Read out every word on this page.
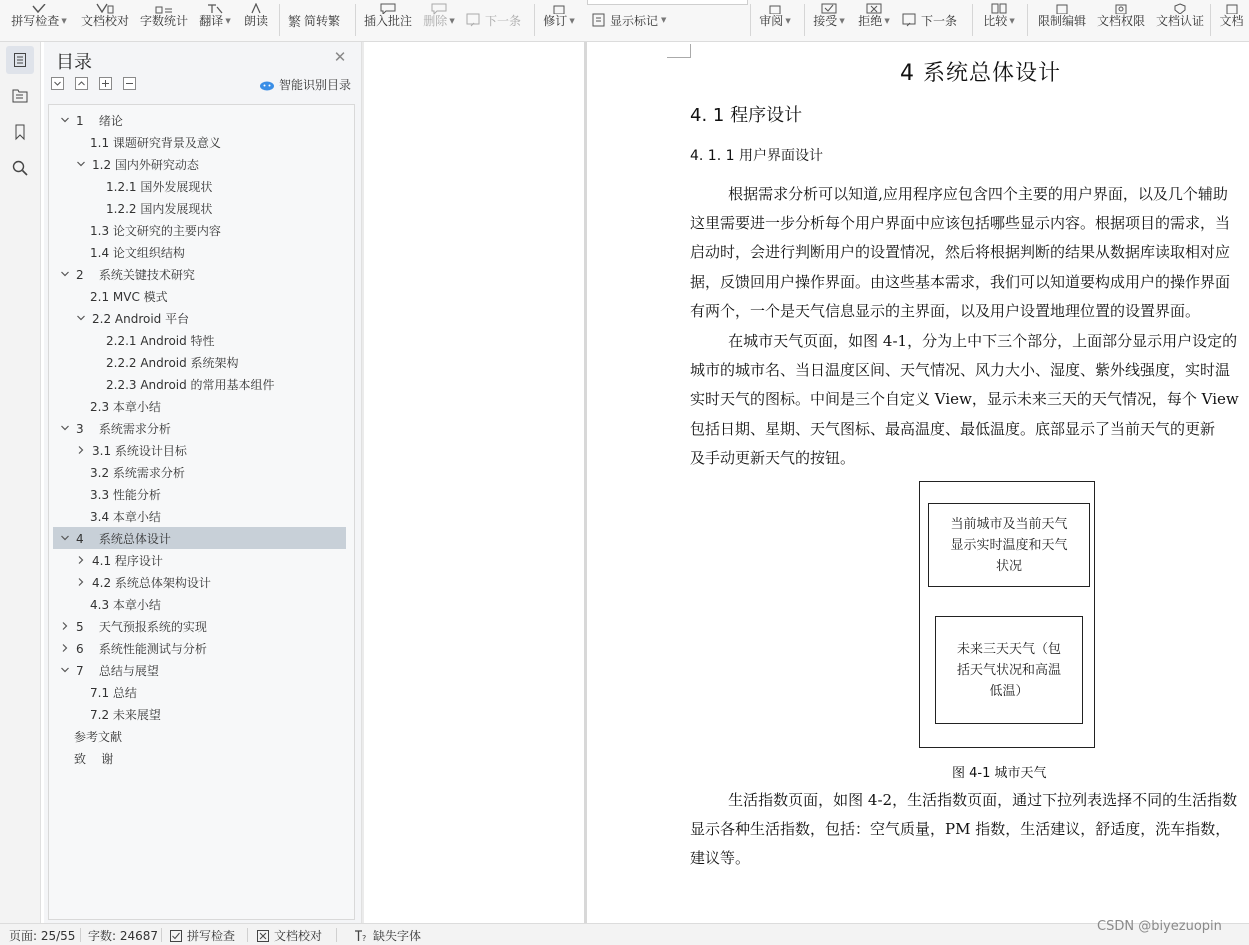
拼写检查 ▼ 文档校对 字数统计 翻译 ▼ 朗读 繁 简转繁 插入批注 删除 ▼	下一条 修订 ▼	显示标记 ▼	审阅 ▼ 接受 ▼ 拒绝 ▼	下一条 比较 ▼ 限制编辑 文档权限 文档认证 文档
目录	✕
智能识别目录
1    绪论
1.1 课题研究背景及意义
1.2 国内外研究动态
1.2.1 国外发展现状
1.2.2 国内发展现状
1.3 论文研究的主要内容
1.4 论文组织结构
2    系统关键技术研究
2.1 MVC 模式
2.2 Android 平台
2.2.1 Android 特性
2.2.2 Android 系统架构
2.2.3 Android 的常用基本组件
2.3 本章小结
3    系统需求分析
3.1 系统设计目标
3.2 系统需求分析
3.3 性能分析
3.4 本章小结
4    系统总体设计
4.1 程序设计
4.2 系统总体架构设计
4.3 本章小结
5    天气预报系统的实现
6    系统性能测试与分析
7    总结与展望
7.1 总结
7.2 未来展望
参考文献
致    谢
4 系统总体设计
4. 1 程序设计
4. 1. 1 用户界面设计
根据需求分析可以知道,应用程序应包含四个主要的用户界面，以及几个辅助
这里需要进一步分析每个用户界面中应该包括哪些显示内容。根据项目的需求，当
启动时，会进行判断用户的设置情况，然后将根据判断的结果从数据库读取相对应
据，反馈回用户操作界面。由这些基本需求，我们可以知道要构成用户的操作界面
有两个，一个是天气信息显示的主界面，以及用户设置地理位置的设置界面。
在城市天气页面，如图 4-1，分为上中下三个部分，上面部分显示用户设定的
城市的城市名、当日温度区间、天气情况、风力大小、湿度、紫外线强度，实时温
实时天气的图标。中间是三个自定义 View，显示未来三天的天气情况，每个 View
包括日期、星期、天气图标、最高温度、最低温度。底部显示了当前天气的更新
及手动更新天气的按钮。
生活指数页面，如图 4-2，生活指数页面，通过下拉列表选择不同的生活指数
显示各种生活指数，包括：空气质量，PM 指数，生活建议，舒适度，洗车指数，
建议等。
当前城市及当前天气
显示实时温度和天气
状况
未来三天天气（包
括天气状况和高温
低温）
图 4-1 城市天气
页面: 25/55 字数: 24687 拼写检查	文档校对	? 缺失字体
CSDN @biyezuopin
